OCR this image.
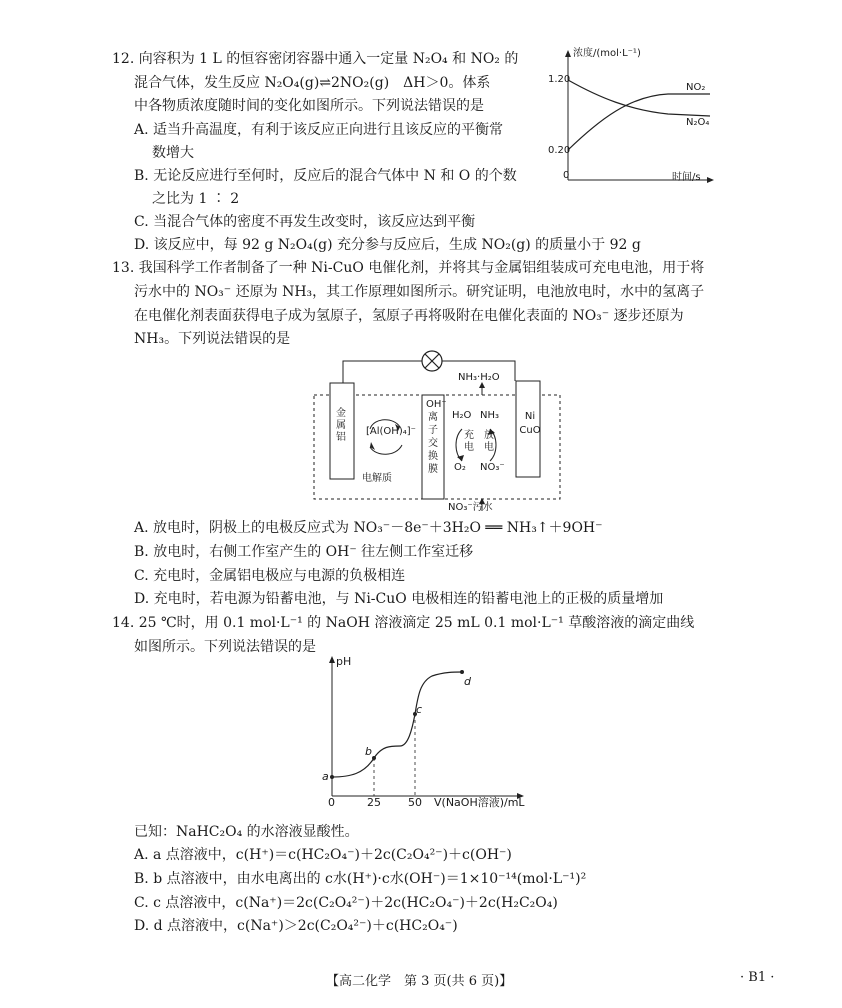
12. 向容积为 1 L 的恒容密闭容器中通入一定量 N₂O₄ 和 NO₂ 的
混合气体，发生反应 N₂O₄(g)⇌2NO₂(g)　ΔH＞0。体系
中各物质浓度随时间的变化如图所示。下列说法错误的是
A. 适当升高温度，有利于该反应正向进行且该反应的平衡常
数增大
B. 无论反应进行至何时，反应后的混合气体中 N 和 O 的个数
之比为 1 ∶ 2
C. 当混合气体的密度不再发生改变时，该反应达到平衡
D. 该反应中，每 92 g N₂O₄(g) 充分参与反应后，生成 NO₂(g) 的质量小于 92 g
浓度/(mol·L⁻¹)
1.20
0.20
0	时间/s
NO₂
N₂O₄
13. 我国科学工作者制备了一种 Ni-CuO 电催化剂，并将其与金属铝组装成可充电电池，用于将
污水中的 NO₃⁻ 还原为 NH₃，其工作原理如图所示。研究证明，电池放电时，水中的氢离子
在电催化剂表面获得电子成为氢原子，氢原子再将吸附在电催化表面的 NO₃⁻ 逐步还原为
NH₃。下列说法错误的是
金属铝
[Al(OH)₄]⁻
电解质
OH⁻离子交换膜
Ni CuO
NH₃·H₂O
NO₃⁻污水
H₂O NH₃
充电
放电
O₂ NO₃⁻
A. 放电时，阴极上的电极反应式为 NO₃⁻－8e⁻＋3H₂O ══ NH₃↑＋9OH⁻
B. 放电时，右侧工作室产生的 OH⁻ 往左侧工作室迁移
C. 充电时，金属铝电极应与电源的负极相连
D. 充电时，若电源为铅蓄电池，与 Ni-CuO 电极相连的铅蓄电池上的正极的质量增加
14. 25 ℃时，用 0.1 mol·L⁻¹ 的 NaOH 溶液滴定 25 mL 0.1 mol·L⁻¹ 草酸溶液的滴定曲线
如图所示。下列说法错误的是
pH
0	25 50 V(NaOH溶液)/mL
a
b
c
d
已知：NaHC₂O₄ 的水溶液显酸性。
A. a 点溶液中，c(H⁺)＝c(HC₂O₄⁻)＋2c(C₂O₄²⁻)＋c(OH⁻)
B. b 点溶液中，由水电离出的 c水(H⁺)·c水(OH⁻)＝1×10⁻¹⁴(mol·L⁻¹)²
C. c 点溶液中，c(Na⁺)＝2c(C₂O₄²⁻)＋2c(HC₂O₄⁻)＋2c(H₂C₂O₄)
D. d 点溶液中，c(Na⁺)＞2c(C₂O₄²⁻)＋c(HC₂O₄⁻)
【高二化学　第 3 页(共 6 页)】	· B1 ·
